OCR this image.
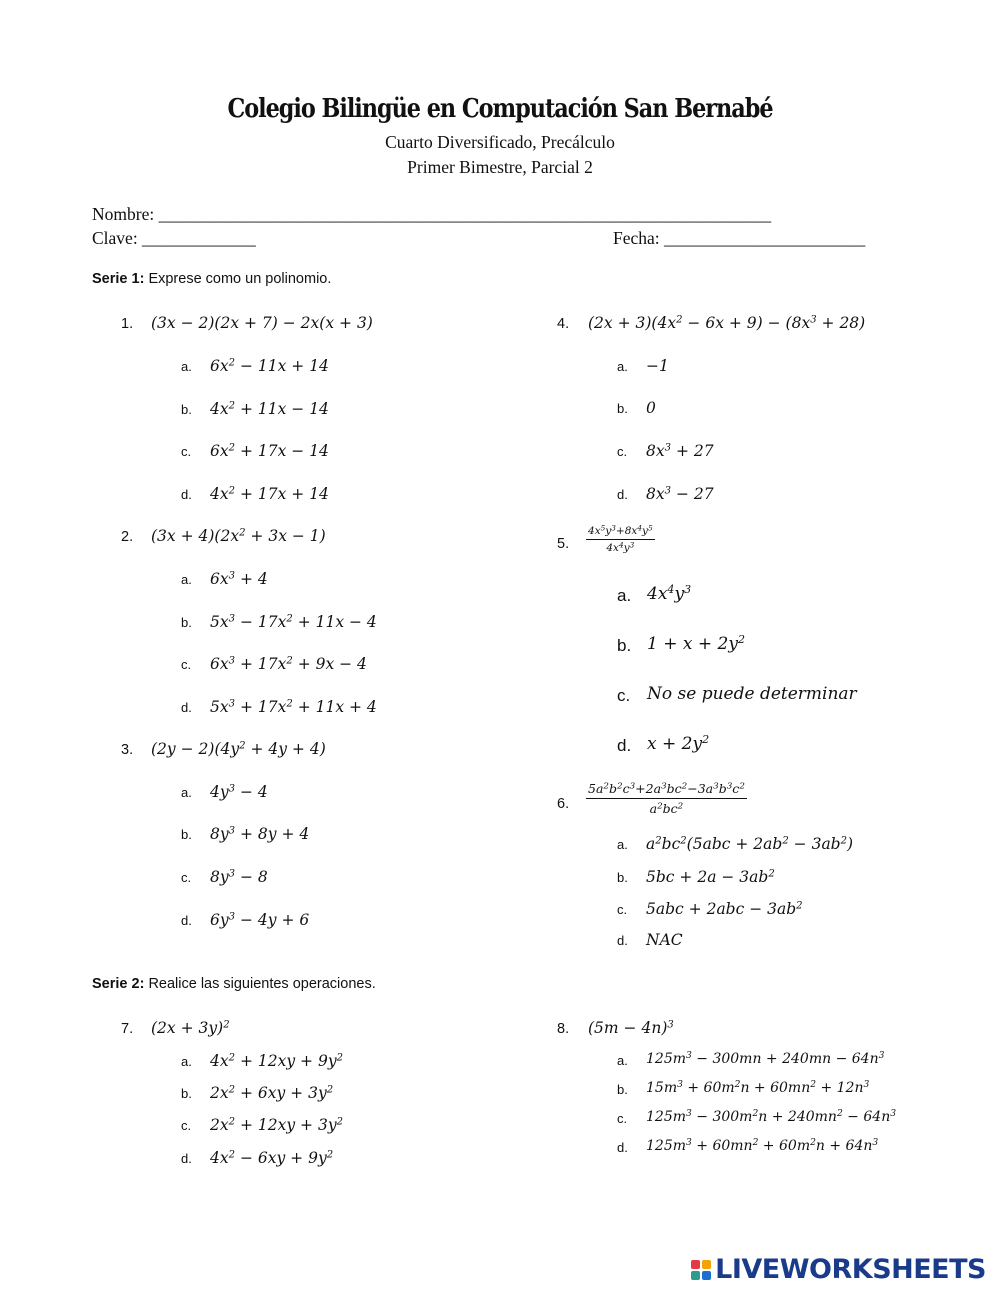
Colegio Bilingüe en Computación San Bernabé
Cuarto Diversificado, Precálculo
Primer Bimestre, Parcial 2
Nombre: ______________________________________________________________________
Clave: _____________	Fecha: _______________________
Serie 1: Exprese como un polinomio.
1. (3x − 2)(2x + 7) − 2x(x + 3)
a. $6x^2 - 11x + 14$
b. $4x^2 + 11x - 14$
c. $6x^2 + 17x - 14$
d. $4x^2 + 17x + 14$
2. $(3x + 4)(2x^2 + 3x - 1)$
a. $6x^3 + 4$
b. $5x^3 - 17x^2 + 11x - 4$
c. $6x^3 + 17x^2 + 9x - 4$
d. $5x^3 + 17x^2 + 11x + 4$
3. $(2y - 2)(4y^2 + 4y + 4)$
a. $4y^3 - 4$
b. $8y^3 + 8y + 4$
c. $8y^3 - 8$
d. $6y^3 - 4y + 6$
4. $(2x + 3)(4x^2 - 6x + 9) - (8x^3 + 28)$
a. −1
b. 0
c. $8x^3 + 27$
d. $8x^3 - 27$
5. $\frac{4x^5y^3+8x^4y^5}{4x^4y^3}$
a. $4x^4y^3$
b. $1 + x + 2y^2$
c. No se puede determinar
d. $x + 2y^2$
6. $\frac{5a^2b^2c^3+2a^3bc^2-3a^3b^3c^2}{a^2bc^2}$
a. $a^2bc^2(5abc + 2ab^2 - 3ab^2)$
b. $5bc + 2a - 3ab^2$
c. $5abc + 2abc - 3ab^2$
d. NAC
Serie 2: Realice las siguientes operaciones.
7. $(2x + 3y)^2$
a. $4x^2 + 12xy + 9y^2$
b. $2x^2 + 6xy + 3y^2$
c. $2x^2 + 12xy + 3y^2$
d. $4x^2 - 6xy + 9y^2$
8. $(5m - 4n)^3$
a. $125m^3 - 300mn + 240mn - 64n^3$
b. $15m^3 + 60m^2n + 60mn^2 + 12n^3$
c. $125m^3 - 300m^2n + 240mn^2 - 64n^3$
d. $125m^3 + 60mn^2 + 60m^2n + 64n^3$
LIVEWORKSHEETS
